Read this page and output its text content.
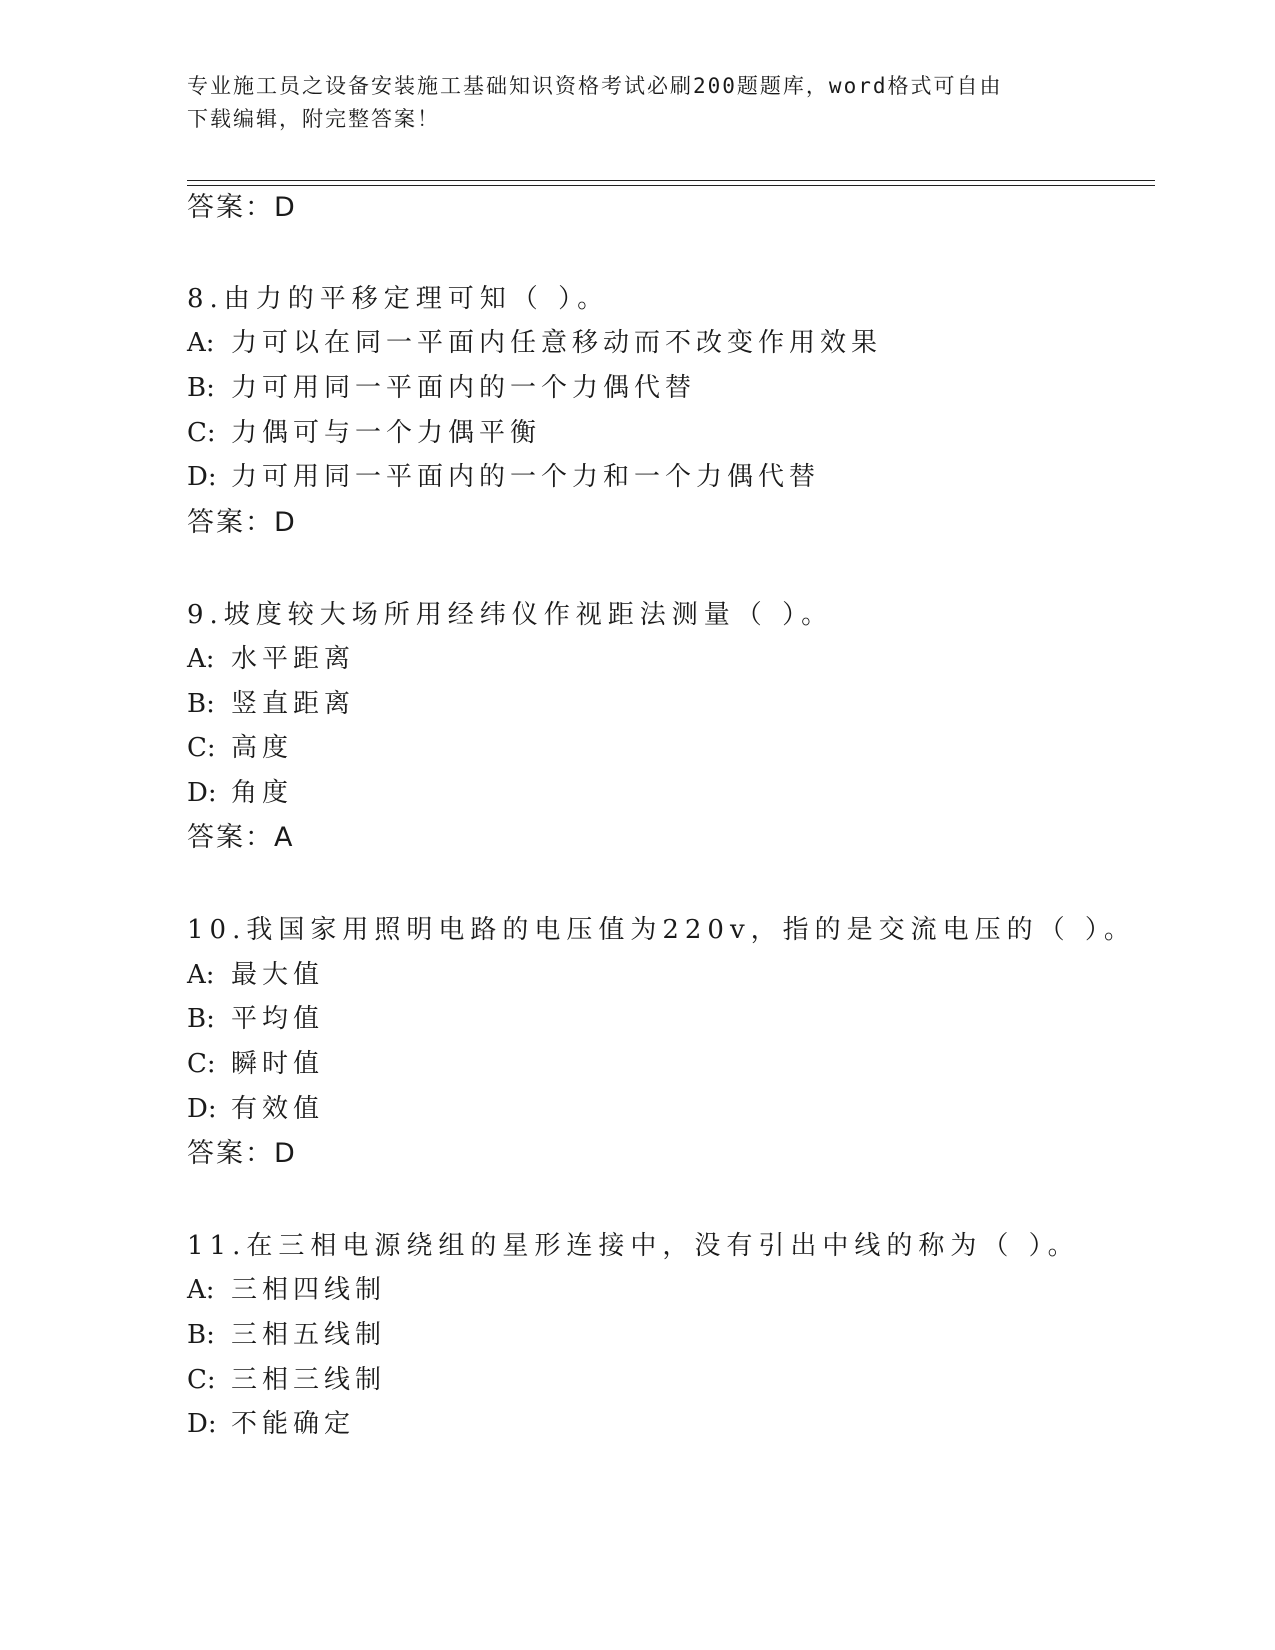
专业施工员之设备安装施工基础知识资格考试必刷200题题库，word格式可自由
下载编辑，附完整答案！
答案：D
8.由力的平移定理可知（ ）。
A: 力可以在同一平面内任意移动而不改变作用效果
B: 力可用同一平面内的一个力偶代替
C: 力偶可与一个力偶平衡
D: 力可用同一平面内的一个力和一个力偶代替
答案：D
9.坡度较大场所用经纬仪作视距法测量（ ）。
A: 水平距离
B: 竖直距离
C: 高度
D: 角度
答案：A
10.我国家用照明电路的电压值为220v，指的是交流电压的（ ）。
A: 最大值
B: 平均值
C: 瞬时值
D: 有效值
答案：D
11.在三相电源绕组的星形连接中，没有引出中线的称为（ ）。
A: 三相四线制
B: 三相五线制
C: 三相三线制
D: 不能确定
